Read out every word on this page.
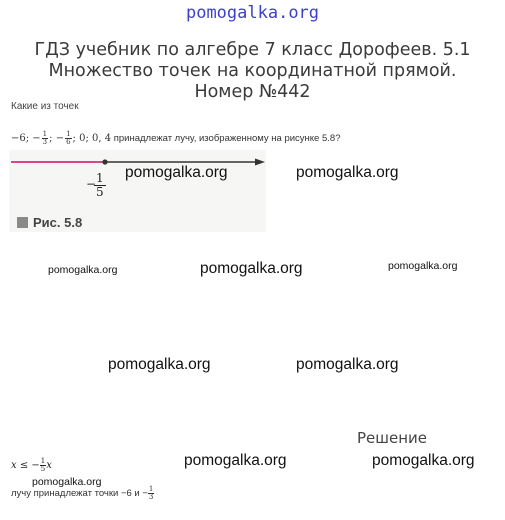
pomogalka.org
ГДЗ учебник по алгебре 7 класс Дорофеев. 5.1 Множество точек на координатной прямой. Номер №442
Какие из точек
−6; − $\frac{1}{3}$ ; − $\frac{1}{6}$ ; 0; 0, 4 принадлежат лучу, изображенному на рисунке 5.8?
− 1
5
Рис. 5.8
pomogalka.org	pomogalka.org
pomogalka.org	pomogalka.org	pomogalka.org
pomogalka.org	pomogalka.org
pomogalka.org	pomogalka.org
pomogalka.org
Решение
x ≤ − $\frac{1}{5}$ x
лучу принадлежат точки −6 $и - \frac{1}{3}$
